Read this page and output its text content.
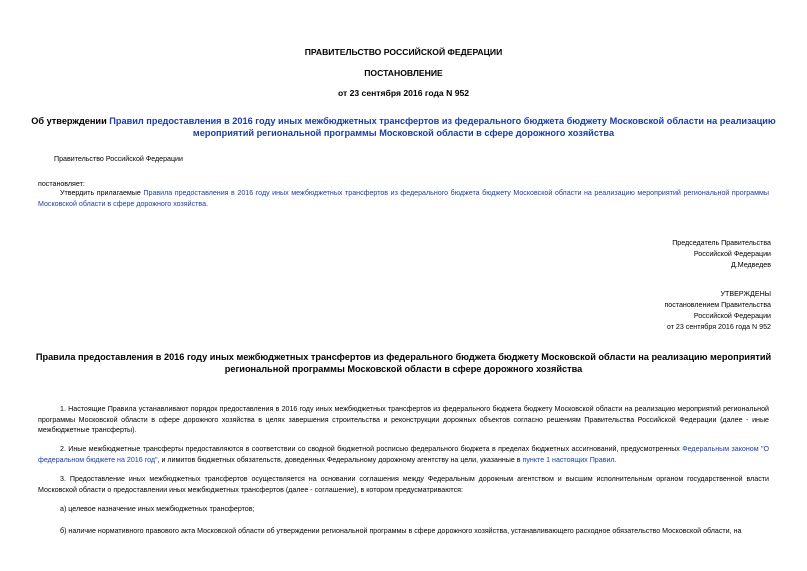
ПРАВИТЕЛЬСТВО РОССИЙСКОЙ ФЕДЕРАЦИИ
ПОСТАНОВЛЕНИЕ
от 23 сентября 2016 года N 952
Об утверждении Правил предоставления в 2016 году иных межбюджетных трансфертов из федерального бюджета бюджету Московской области на реализацию мероприятий региональной программы Московской области в сфере дорожного хозяйства
Правительство Российской Федерации
постановляет:
Утвердить прилагаемые Правила предоставления в 2016 году иных межбюджетных трансфертов из федерального бюджета бюджету Московской области на реализацию мероприятий региональной программы Московской области в сфере дорожного хозяйства.
Председатель Правительства
Российской Федерации
Д.Медведев
УТВЕРЖДЕНЫ
постановлением Правительства
Российской Федерации
от 23 сентября 2016 года N 952
Правила предоставления в 2016 году иных межбюджетных трансфертов из федерального бюджета бюджету Московской области на реализацию мероприятий региональной программы Московской области в сфере дорожного хозяйства
1. Настоящие Правила устанавливают порядок предоставления в 2016 году иных межбюджетных трансфертов из федерального бюджета бюджету Московской области на реализацию мероприятий региональной программы Московской области в сфере дорожного хозяйства в целях завершения строительства и реконструкции дорожных объектов согласно решениям Правительства Российской Федерации (далее - иные межбюджетные трансферты).
2. Иные межбюджетные трансферты предоставляются в соответствии со сводной бюджетной росписью федерального бюджета в пределах бюджетных ассигнований, предусмотренных Федеральным законом "О федеральном бюджете на 2016 год", и лимитов бюджетных обязательств, доведенных Федеральному дорожному агентству на цели, указанные в пункте 1 настоящих Правил.
3. Предоставление иных межбюджетных трансфертов осуществляется на основании соглашения между Федеральным дорожным агентством и высшим исполнительным органом государственной власти Московской области о предоставлении иных межбюджетных трансфертов (далее - соглашение), в котором предусматриваются:
а) целевое назначение иных межбюджетных трансфертов;
б) наличие нормативного правового акта Московской области об утверждении региональной программы в сфере дорожного хозяйства, устанавливающего расходное обязательство Московской области, на
